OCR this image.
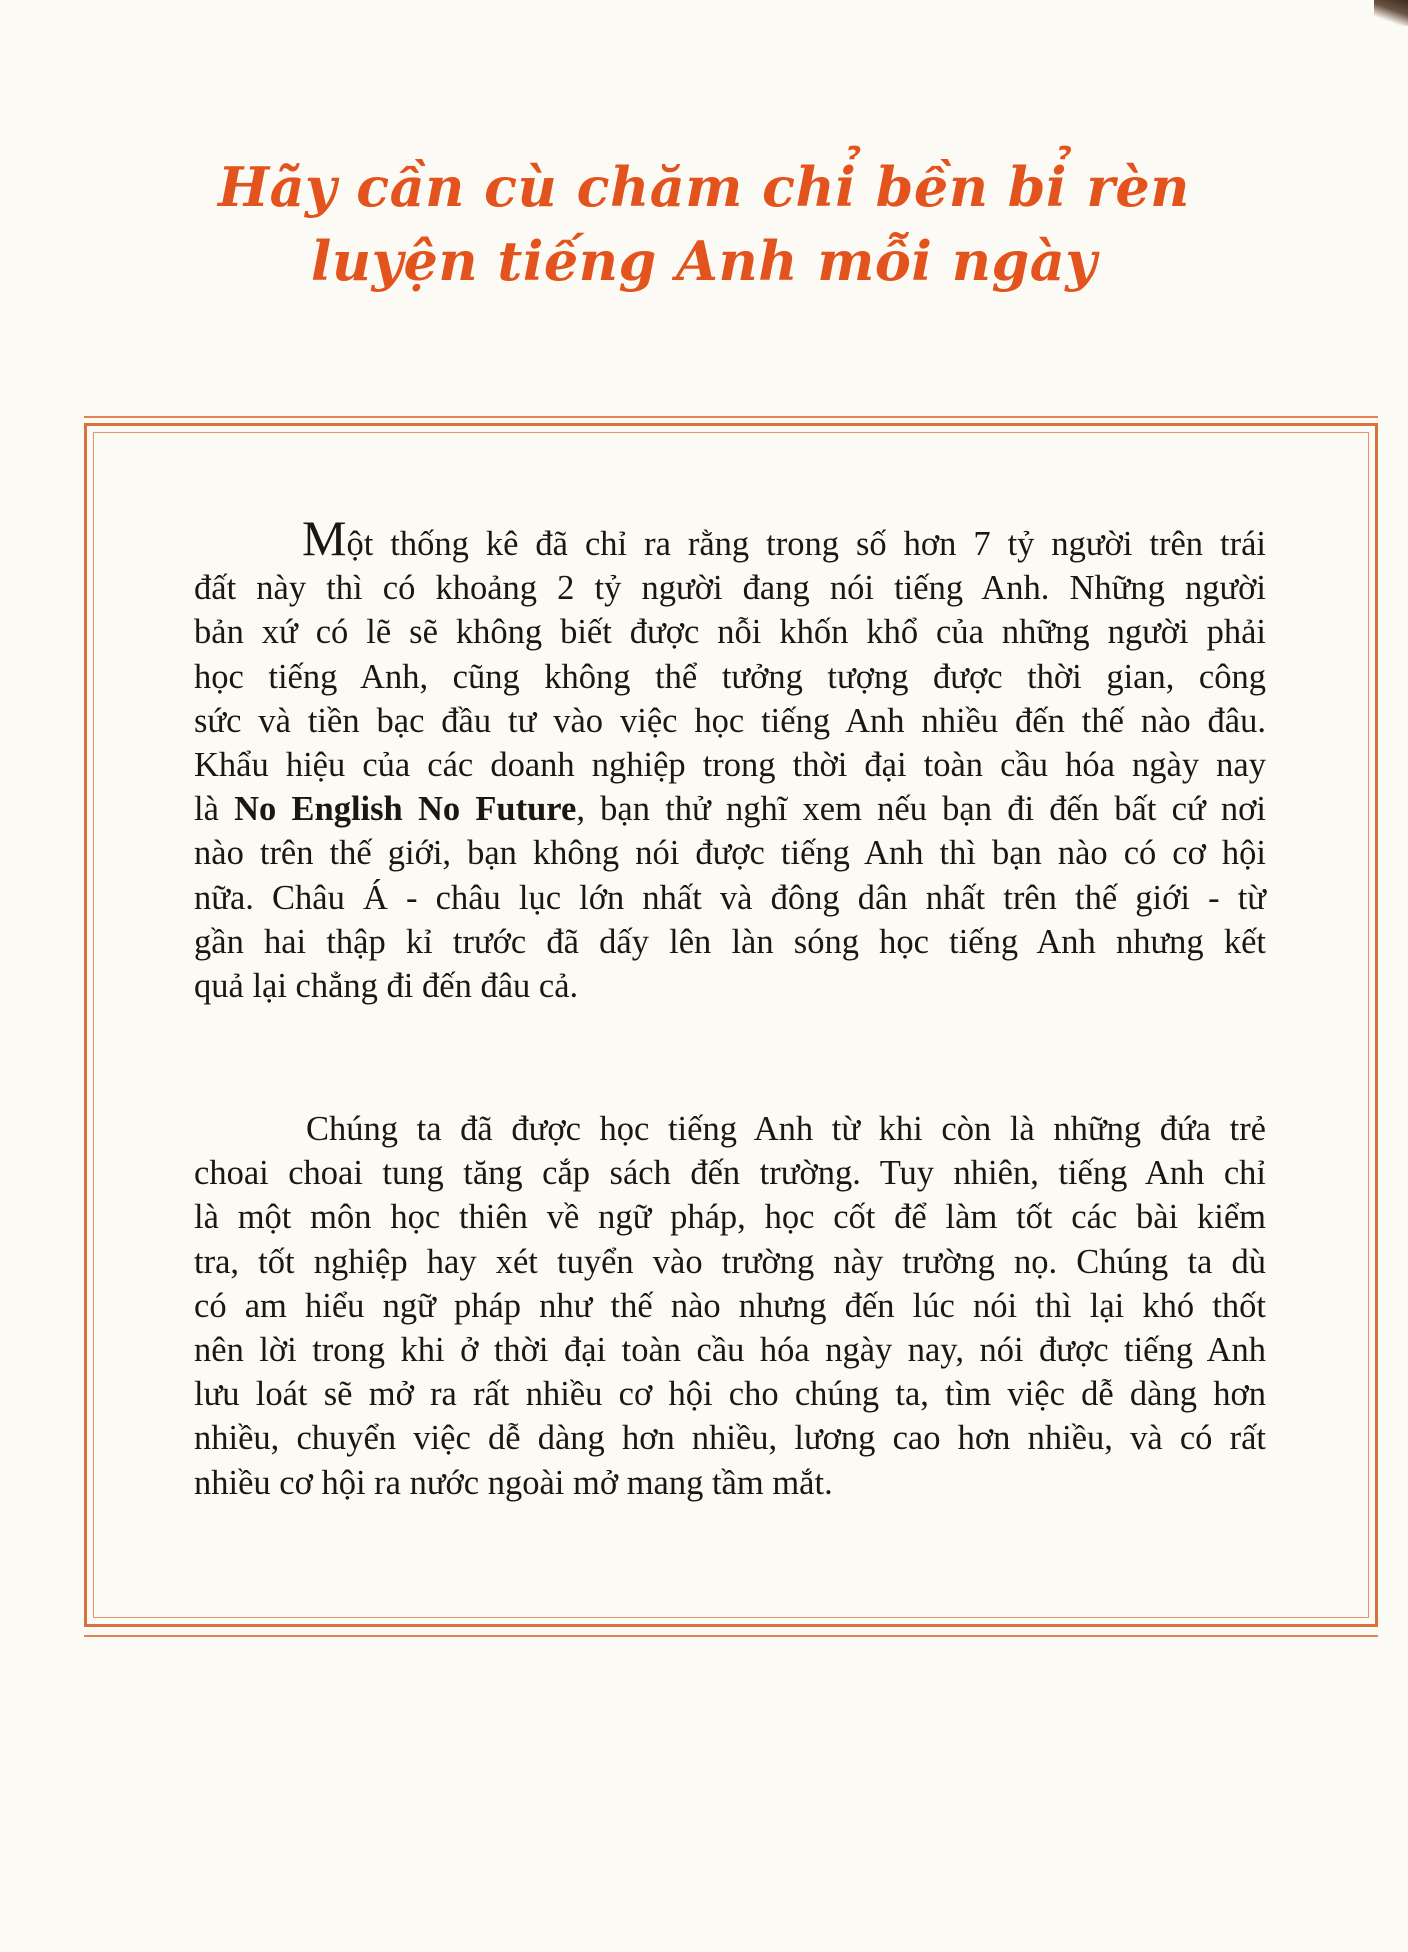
Hãy cần cù chăm chỉ bền bỉ rèn
luyện tiếng Anh mỗi ngày
Một thống kê đã chỉ ra rằng trong số hơn 7 tỷ người trên trái
đất này thì có khoảng 2 tỷ người đang nói tiếng Anh. Những người
bản xứ có lẽ sẽ không biết được nỗi khốn khổ của những người phải
học tiếng Anh, cũng không thể tưởng tượng được thời gian, công
sức và tiền bạc đầu tư vào việc học tiếng Anh nhiều đến thế nào đâu.
Khẩu hiệu của các doanh nghiệp trong thời đại toàn cầu hóa ngày nay
là No English No Future, bạn thử nghĩ xem nếu bạn đi đến bất cứ nơi
nào trên thế giới, bạn không nói được tiếng Anh thì bạn nào có cơ hội
nữa. Châu Á - châu lục lớn nhất và đông dân nhất trên thế giới - từ
gần hai thập kỉ trước đã dấy lên làn sóng học tiếng Anh nhưng kết
quả lại chẳng đi đến đâu cả.
Chúng ta đã được học tiếng Anh từ khi còn là những đứa trẻ
choai choai tung tăng cắp sách đến trường. Tuy nhiên, tiếng Anh chỉ
là một môn học thiên về ngữ pháp, học cốt để làm tốt các bài kiểm
tra, tốt nghiệp hay xét tuyển vào trường này trường nọ. Chúng ta dù
có am hiểu ngữ pháp như thế nào nhưng đến lúc nói thì lại khó thốt
nên lời trong khi ở thời đại toàn cầu hóa ngày nay, nói được tiếng Anh
lưu loát sẽ mở ra rất nhiều cơ hội cho chúng ta, tìm việc dễ dàng hơn
nhiều, chuyển việc dễ dàng hơn nhiều, lương cao hơn nhiều, và có rất
nhiều cơ hội ra nước ngoài mở mang tầm mắt.
